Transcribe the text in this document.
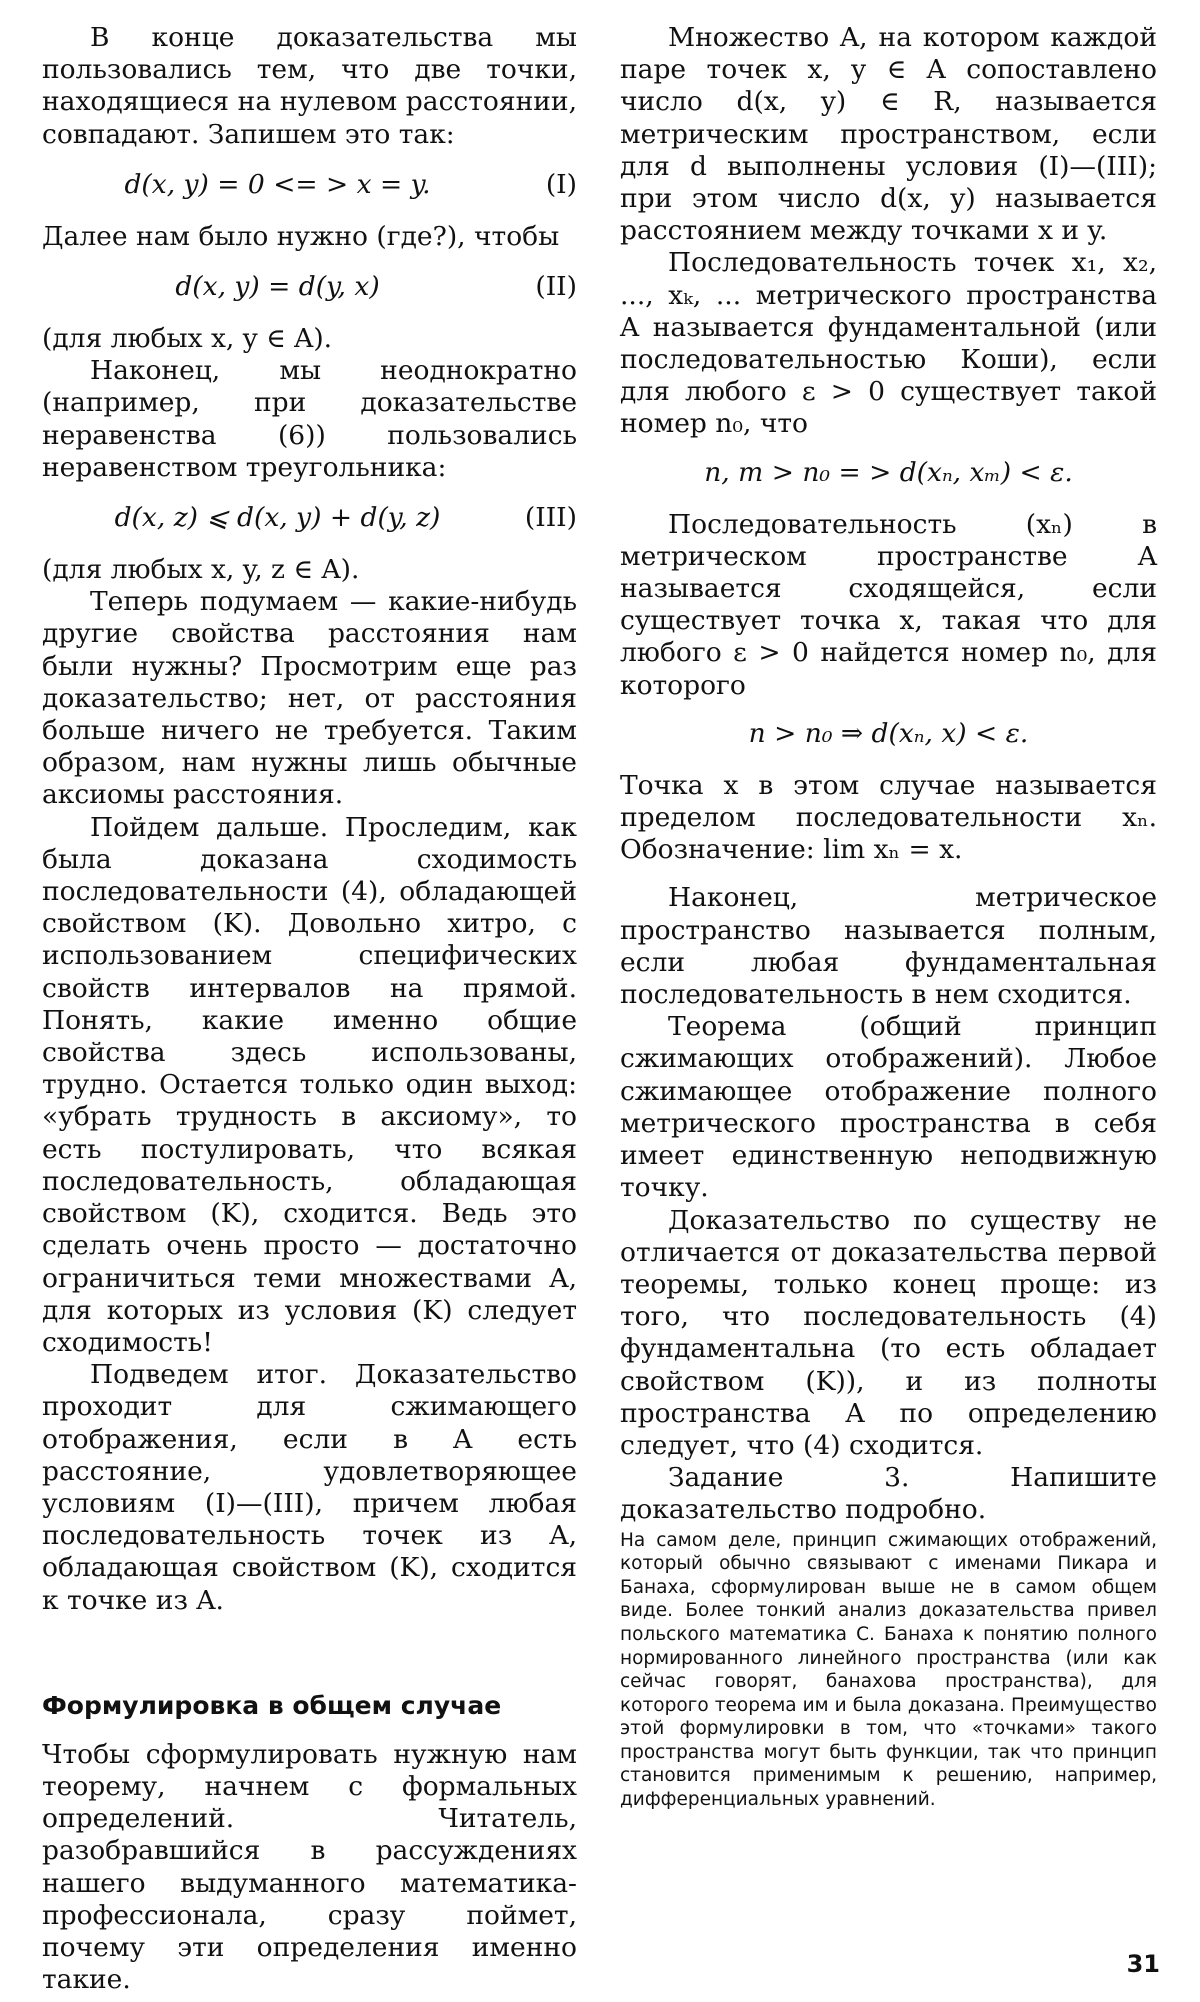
В конце доказательства мы пользовались тем, что две точки, находящиеся на нулевом расстоянии, совпадают. Запишем это так:

d(x, y) = 0 <= > x = y.	(I)

Далее нам было нужно (где?), чтобы

d(x, y) = d(y, x)	(II)

(для любых x, y ∈ A).

Наконец, мы неоднократно (например, при доказательстве неравенства (6)) пользовались неравенством треугольника:

d(x, z) ⩽ d(x, y) + d(y, z)	(III)

(для любых x, y, z ∈ A).

Теперь подумаем — какие-нибудь другие свойства расстояния нам были нужны? Просмотрим еще раз доказательство; нет, от расстояния больше ничего не требуется. Таким образом, нам нужны лишь обычные аксиомы расстояния.

Пойдем дальше. Проследим, как была доказана сходимость последовательности (4), обладающей свойством (K). Довольно хитро, с использованием специфических свойств интервалов на прямой. Понять, какие именно общие свойства здесь использованы, трудно. Остается только один выход: «убрать трудность в аксиому», то есть постулировать, что всякая последовательность, обладающая свойством (K), сходится. Ведь это сделать очень просто — достаточно ограничиться теми множествами A, для которых из условия (K) следует сходимость!

Подведем итог. Доказательство проходит для сжимающего отображения, если в A есть расстояние, удовлетворяющее условиям (I)—(III), причем любая последовательность точек из A, обладающая свойством (K), сходится к точке из A.

Формулировка в общем случае

Чтобы сформулировать нужную нам теорему, начнем с формальных определений. Читатель, разобравшийся в рассуждениях нашего выдуманного математика-профессионала, сразу поймет, почему эти определения именно такие.

Множество A, на котором каждой паре точек x, y ∈ A сопоставлено число d(x, y) ∈ R, называется метрическим пространством, если для d выполнены условия (I)—(III); при этом число d(x, y) называется расстоянием между точками x и y.

Последовательность точек x₁, x₂, ..., xₖ, ... метрического пространства A называется фундаментальной (или последовательностью Коши), если для любого ε > 0 существует такой номер n₀, что

n, m > n₀ = > d(xₙ, xₘ) < ε.

Последовательность (xₙ) в метрическом пространстве A называется сходящейся, если существует точка x, такая что для любого ε > 0 найдется номер n₀, для которого

n > n₀ ⇒ d(xₙ, x) < ε.

Точка x в этом случае называется пределом последовательности xₙ. Обозначение: lim xₙ = x.

Наконец, метрическое пространство называется полным, если любая фундаментальная последовательность в нем сходится.

Теорема (общий принцип сжимающих отображений). Любое сжимающее отображение полного метрического пространства в себя имеет единственную неподвижную точку.

Доказательство по существу не отличается от доказательства первой теоремы, только конец проще: из того, что последовательность (4) фундаментальна (то есть обладает свойством (K)), и из полноты пространства A по определению следует, что (4) сходится.

Задание 3. Напишите доказательство подробно.

На самом деле, принцип сжимающих отображений, который обычно связывают с именами Пикара и Банаха, сформулирован выше не в самом общем виде. Более тонкий анализ доказательства привел польского математика С. Банаха к понятию полного нормированного линейного пространства (или как сейчас говорят, банахова пространства), для которого теорема им и была доказана. Преимущество этой формулировки в том, что «точками» такого пространства могут быть функции, так что принцип становится применимым к решению, например, дифференциальных уравнений.

31
